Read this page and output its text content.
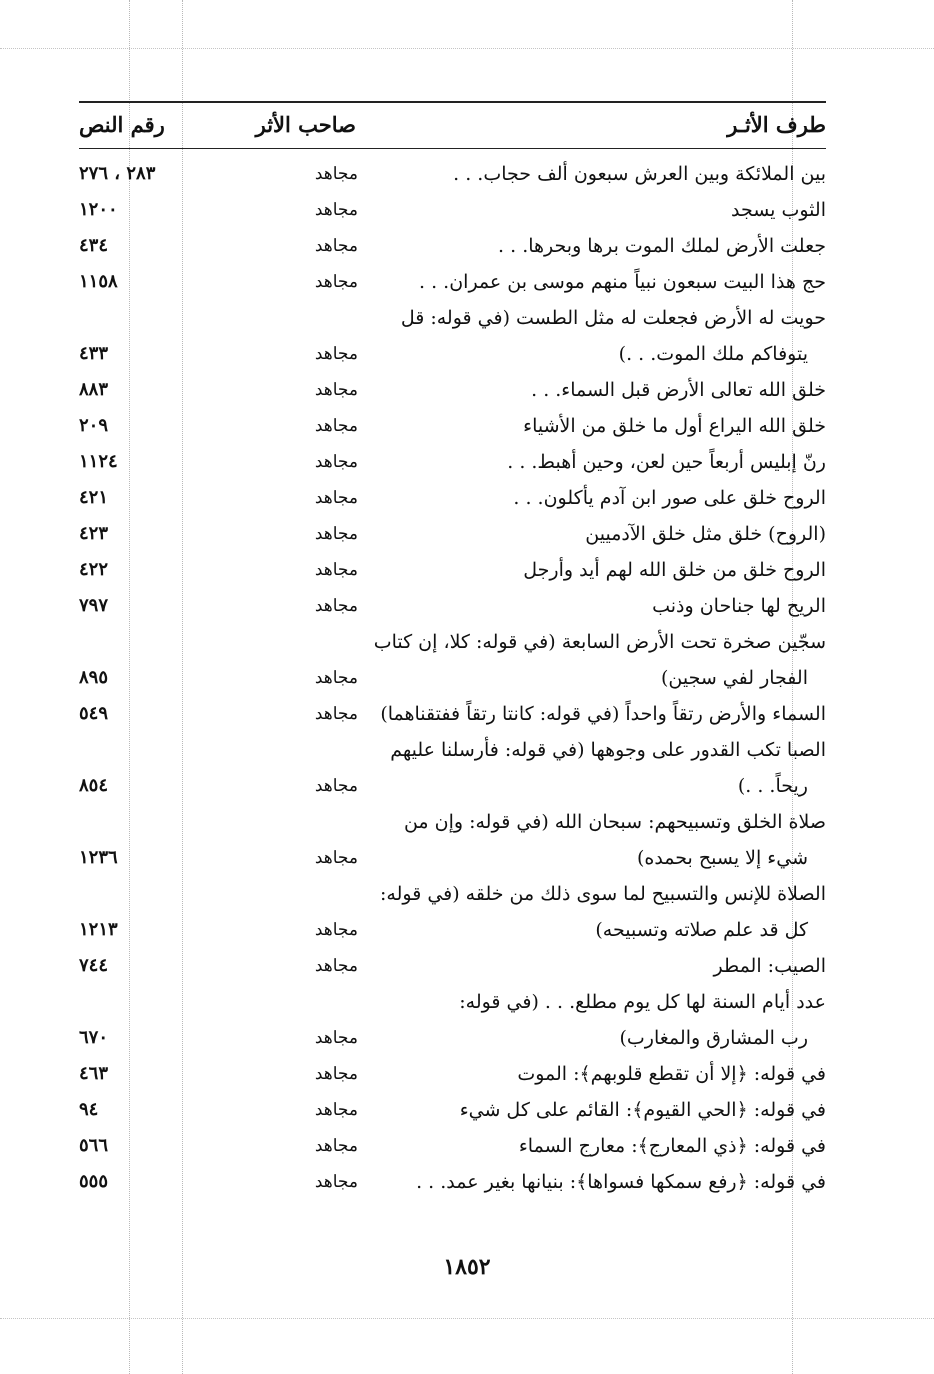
طرف الأثـر
صاحب الأثر
رقم النص
بين الملائكة وبين العرش سبعون ألف حجاب. . .
مجاهد
٢٨٣ ، ٢٧٦
الثوب يسجد
مجاهد
١٢٠٠
جعلت الأرض لملك الموت برها وبحرها. . .
مجاهد
٤٣٤
حج هذا البيت سبعون نبياً منهم موسى بن عمران. . .
مجاهد
١١٥٨
حويت له الأرض فجعلت له مثل الطست (في قوله: قل
يتوفاكم ملك الموت. . .)
مجاهد
٤٣٣
خلق الله تعالى الأرض قبل السماء. . .
مجاهد
٨٨٣
خلق الله اليراع أول ما خلق من الأشياء
مجاهد
٢٠٩
رنّ إبليس أربعاً حين لعن، وحين أهبط. . .
مجاهد
١١٢٤
الروح خلق على صور ابن آدم يأكلون. . .
مجاهد
٤٢١
(الروح) خلق مثل خلق الآدميين
مجاهد
٤٢٣
الروح خلق من خلق الله لهم أيد وأرجل
مجاهد
٤٢٢
الريح لها جناحان وذنب
مجاهد
٧٩٧
سجّين صخرة تحت الأرض السابعة (في قوله: كلا، إن كتاب
الفجار لفي سجين)
مجاهد
٨٩٥
السماء والأرض رتقاً واحداً (في قوله: كانتا رتقاً ففتقناهما)
مجاهد
٥٤٩
الصبا تكب القدور على وجوهها (في قوله: فأرسلنا عليهم
ريحاً. . .)
مجاهد
٨٥٤
صلاة الخلق وتسبيحهم: سبحان الله (في قوله: وإن من
شيء إلا يسبح بحمده)
مجاهد
١٢٣٦
الصلاة للإنس والتسبيح لما سوى ذلك من خلقه (في قوله:
كل قد علم صلاته وتسبيحه)
مجاهد
١٢١٣
الصيب: المطر
مجاهد
٧٤٤
عدد أيام السنة لها كل يوم مطلع. . . (في قوله:
رب المشارق والمغارب)
مجاهد
٦٧٠
في قوله: ﴿إلا أن تقطع قلوبهم﴾: الموت
مجاهد
٤٦٣
في قوله: ﴿الحي القيوم﴾: القائم على كل شيء
مجاهد
٩٤
في قوله: ﴿ذي المعارج﴾: معارج السماء
مجاهد
٥٦٦
في قوله: ﴿رفع سمكها فسواها﴾: بنيانها بغير عمد. . .
مجاهد
٥٥٥
١٨٥٢
